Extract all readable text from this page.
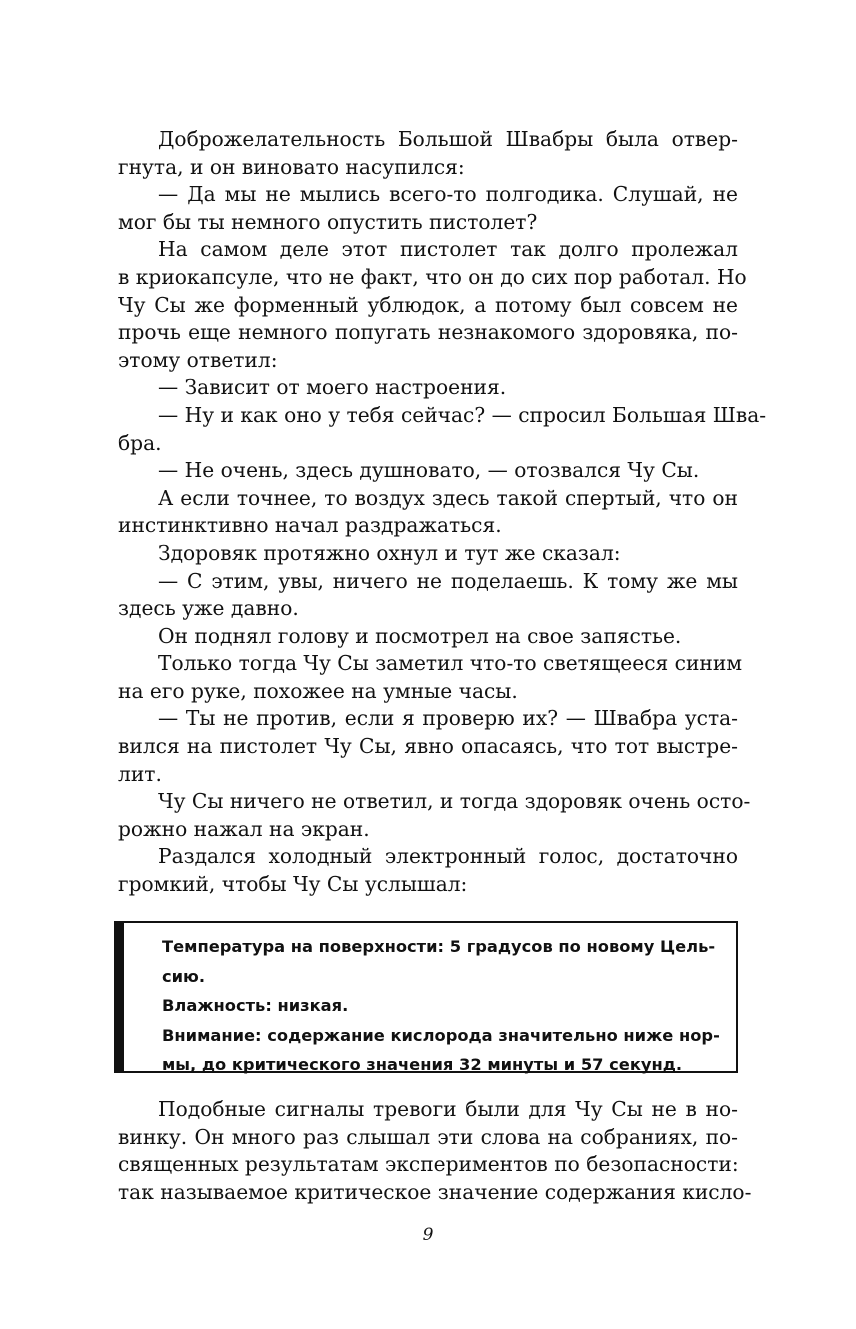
Доброжелательность Большой Швабры была отвер-
гнута, и он виновато насупился:
— Да мы не мылись всего-то полгодика. Слушай, не
мог бы ты немного опустить пистолет?
На самом деле этот пистолет так долго пролежал
в криокапсуле, что не факт, что он до сих пор работал. Но
Чу Сы же форменный ублюдок, а потому был совсем не
прочь еще немного попугать незнакомого здоровяка, по-
этому ответил:
— Зависит от моего настроения.
— Ну и как оно у тебя сейчас? — спросил Большая Шва-
бра.
— Не очень, здесь душновато, — отозвался Чу Сы.
А если точнее, то воздух здесь такой спертый, что он
инстинктивно начал раздражаться.
Здоровяк протяжно охнул и тут же сказал:
— С этим, увы, ничего не поделаешь. К тому же мы
здесь уже давно.
Он поднял голову и посмотрел на свое запястье.
Только тогда Чу Сы заметил что-то светящееся синим
на его руке, похожее на умные часы.
— Ты не против, если я проверю их? — Швабра уста-
вился на пистолет Чу Сы, явно опасаясь, что тот выстре-
лит.
Чу Сы ничего не ответил, и тогда здоровяк очень осто-
рожно нажал на экран.
Раздался холодный электронный голос, достаточно
громкий, чтобы Чу Сы услышал:
Температура на поверхности: 5 градусов по новому Цель-
сию.
Влажность: низкая.
Внимание: содержание кислорода значительно ниже нор-
мы, до критического значения 32 минуты и 57 секунд.
Подобные сигналы тревоги были для Чу Сы не в но-
винку. Он много раз слышал эти слова на собраниях, по-
священных результатам экспериментов по безопасности:
так называемое критическое значение содержания кисло-
9
